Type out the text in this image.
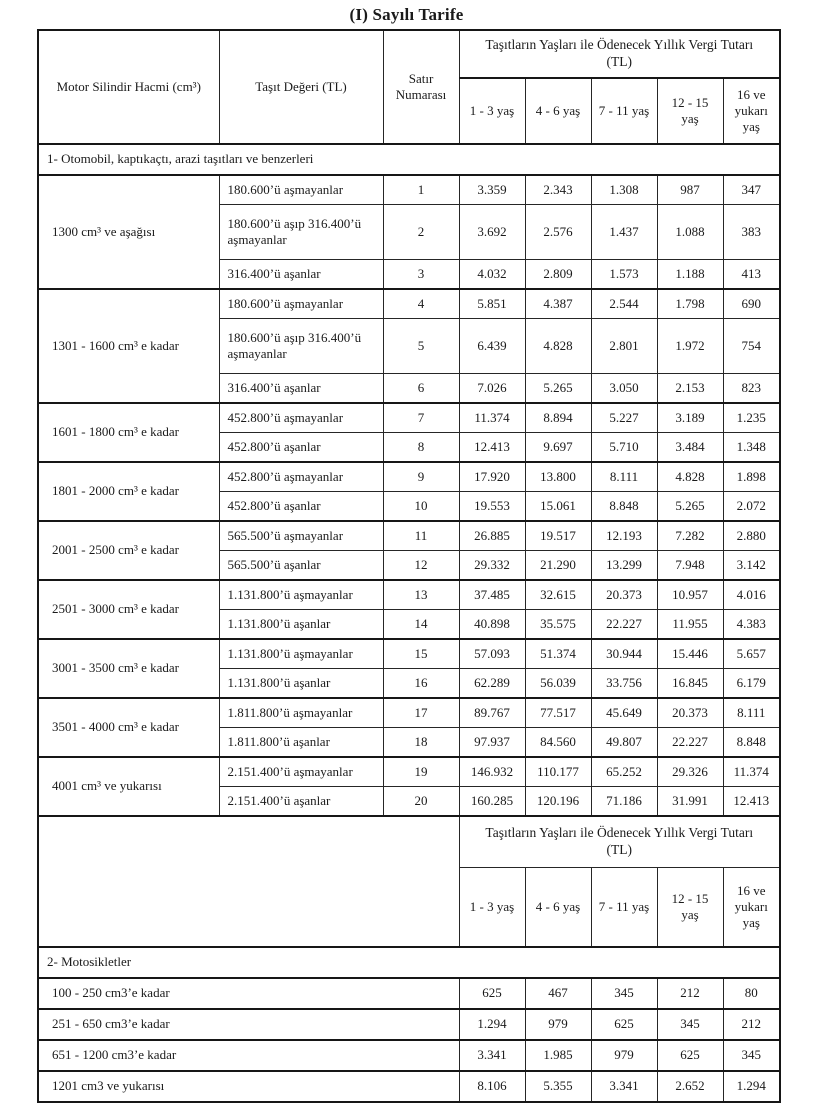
(I) Sayılı Tarife
Motor Silindir Hacmi (cm³)	Taşıt Değeri (TL)	Satır Numarası	Taşıtların Yaşları ile Ödenecek Yıllık Vergi Tutarı (TL)				
			1 - 3 yaş	4 - 6 yaş	7 - 11 yaş	12 - 15 yaş	16 ve yukarı yaş
1- Otomobil, kaptıkaçtı, arazi taşıtları ve benzerleri							
1300 cm³ ve aşağısı	180.600’ü aşmayanlar	1	3.359	2.343	1.308	987	347
	180.600’ü aşıp 316.400’ü aşmayanlar	2	3.692	2.576	1.437	1.088	383
	316.400’ü aşanlar	3	4.032	2.809	1.573	1.188	413
1301 - 1600 cm³ e kadar	180.600’ü aşmayanlar	4	5.851	4.387	2.544	1.798	690
	180.600’ü aşıp 316.400’ü aşmayanlar	5	6.439	4.828	2.801	1.972	754
	316.400’ü aşanlar	6	7.026	5.265	3.050	2.153	823
1601 - 1800 cm³ e kadar	452.800’ü aşmayanlar	7	11.374	8.894	5.227	3.189	1.235
	452.800’ü aşanlar	8	12.413	9.697	5.710	3.484	1.348
1801 - 2000 cm³ e kadar	452.800’ü aşmayanlar	9	17.920	13.800	8.111	4.828	1.898
	452.800’ü aşanlar	10	19.553	15.061	8.848	5.265	2.072
2001 - 2500 cm³ e kadar	565.500’ü aşmayanlar	11	26.885	19.517	12.193	7.282	2.880
	565.500’ü aşanlar	12	29.332	21.290	13.299	7.948	3.142
2501 - 3000 cm³ e kadar	1.131.800’ü aşmayanlar	13	37.485	32.615	20.373	10.957	4.016
	1.131.800’ü aşanlar	14	40.898	35.575	22.227	11.955	4.383
3001 - 3500 cm³ e kadar	1.131.800’ü aşmayanlar	15	57.093	51.374	30.944	15.446	5.657
	1.131.800’ü aşanlar	16	62.289	56.039	33.756	16.845	6.179
3501 - 4000 cm³ e kadar	1.811.800’ü aşmayanlar	17	89.767	77.517	45.649	20.373	8.111
	1.811.800’ü aşanlar	18	97.937	84.560	49.807	22.227	8.848
4001 cm³ ve yukarısı	2.151.400’ü aşmayanlar	19	146.932	110.177	65.252	29.326	11.374
	2.151.400’ü aşanlar	20	160.285	120.196	71.186	31.991	12.413
			Taşıtların Yaşları ile Ödenecek Yıllık Vergi Tutarı (TL)				
			1 - 3 yaş	4 - 6 yaş	7 - 11 yaş	12 - 15 yaş	16 ve yukarı yaş
2- Motosikletler							
100 - 250 cm3’e kadar			625	467	345	212	80
251 - 650 cm3’e kadar			1.294	979	625	345	212
651 - 1200 cm3’e kadar			3.341	1.985	979	625	345
1201 cm3 ve yukarısı			8.106	5.355	3.341	2.652	1.294
